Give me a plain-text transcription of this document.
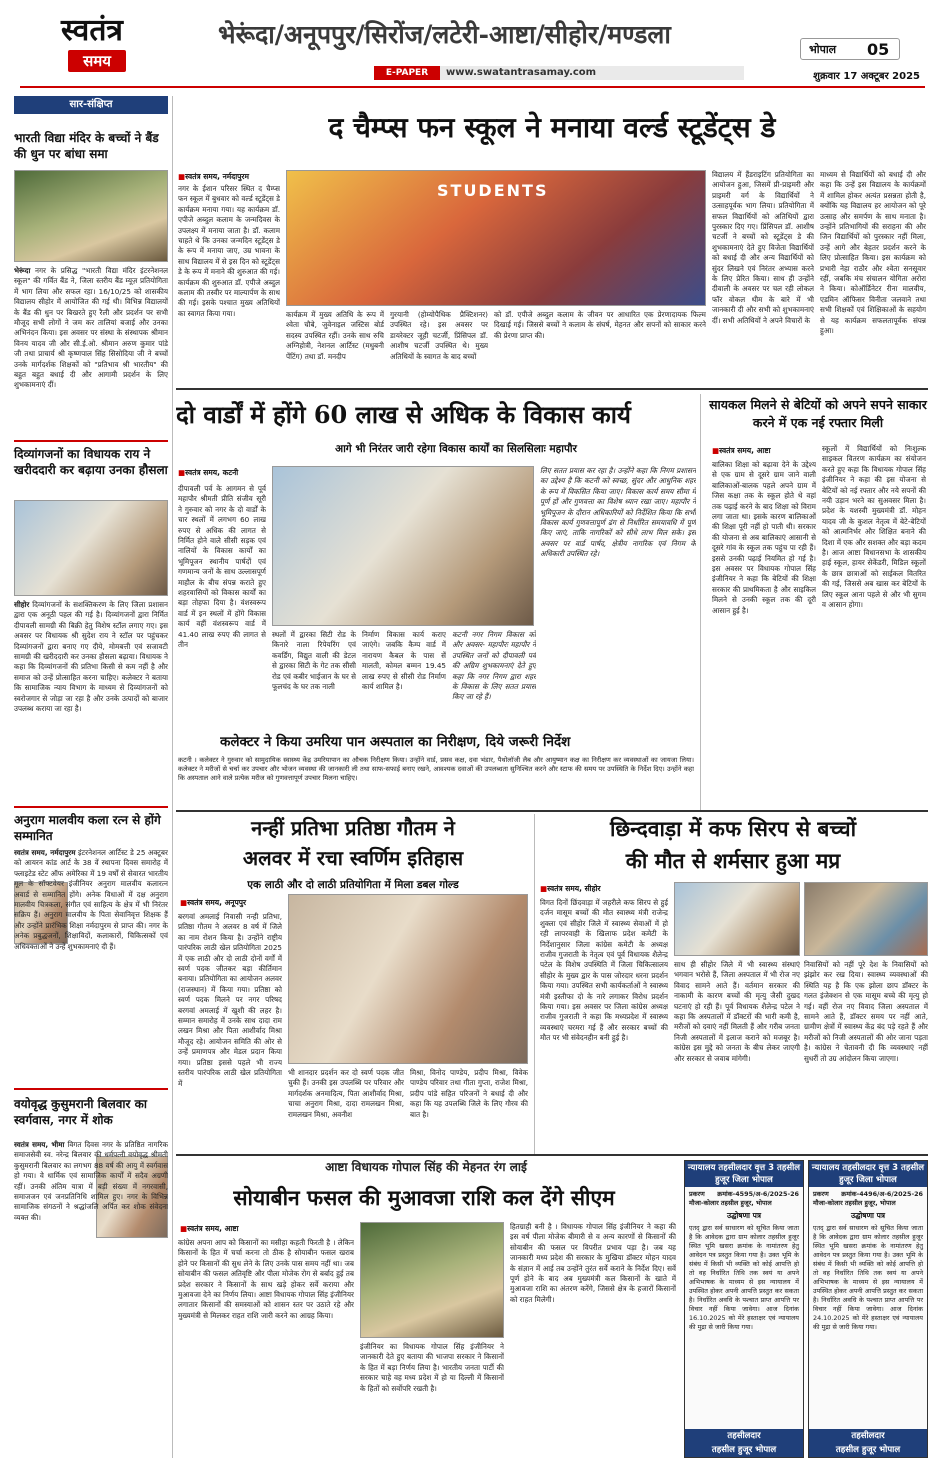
स्वतंत्र
समय
भेरूंदा/अनूपपुर/सिरोंज/लटेरी-आष्टा/सीहोर/मण्डला
E-PAPER	www.swatantrasamay.com
भोपाल 05
शुक्रवार 17 अक्टूबर 2025
सार-संक्षिप्त
भारती विद्या मंदिर के बच्चों ने बैंड की धुन पर बांधा समा
भेरूंदा नगर के प्रसिद्ध "भारती विद्या मंदिर इंटरनेशनल स्कूल" की गर्वित बैंड ने, जिला स्तरीय बैंड म्यूज़ प्रतियोगिता में भाग लिया और सफल रहा। 16/10/25 को शासकीय विद्यालय सीहोर में आयोजित की गई थी। विभिन्न विद्यालयों के बैंड की धुन पर बिखरते हुए रैली और प्रदर्शन पर सभी मौजूद सभी लोगों ने जम कर तालियां बजाई और उनका अभिनंदन किया। इस अवसर पर संस्था के संस्थापक श्रीमान विनय यादव जी और सी.ई.ओ. श्रीमान अरुण कुमार पांडे जी तथा प्राचार्य श्री कृष्णपाल सिंह सिसोदिया जी ने बच्चों उनके मार्गदर्शक शिक्षकों को "प्रतिभाव श्री भारतीय" की बहुत बहुत बधाई दी और आगामी प्रदर्शन के लिए शुभकामनाएं दीं।
दिव्यांगजनों का विधायक राय ने खरीददारी कर बढ़ाया उनका हौसला
सीहोर दिव्यांगजनों के सशक्तिकरण के लिए जिला प्रशासन द्वारा एक अनूठी पहल की गई है। दिव्यांगजनों द्वारा निर्मित दीपावली सामग्री की बिक्री हेतु विशेष स्टॉल लगाए गए। इस अवसर पर विधायक श्री सुदेश राय ने स्टॉल पर पहुंचकर दिव्यांगजनों द्वारा बनाए गए दीये, मोमबत्ती एवं सजावटी सामग्री की खरीददारी कर उनका हौसला बढ़ाया। विधायक ने कहा कि दिव्यांगजनों की प्रतिभा किसी से कम नहीं है और समाज को उन्हें प्रोत्साहित करना चाहिए। कलेक्टर ने बताया कि सामाजिक न्याय विभाग के माध्यम से दिव्यांगजनों को स्वरोजगार से जोड़ा जा रहा है और उनके उत्पादों को बाजार उपलब्ध कराया जा रहा है।
अनुराग मालवीय कला रत्न से होंगे सम्मानित
स्वतंत्र समय, नर्मदापुरम इंटरनेशनल आर्टिस्ट डे 25 अक्टूबर को आयरन कांड आर्ट के 38 वें स्थापना दिवस समारोह में फ्लाइटेड स्टेट ऑफ अमेरिका में 19 वर्षों से सेवारत भारतीय मूल के सॉफ्टवेयर इंजीनियर अनुराग मालवीय कलारत्न अवार्ड से सम्मानित होंगे। अनेक विधाओं में दक्ष अनुराग मालवीय चित्रकला, संगीत एवं साहित्य के क्षेत्र में भी निरंतर सक्रिय हैं। अनुराग मालवीय के पिता सेवानिवृत्त शिक्षक हैं और उन्होंने प्रारंभिक शिक्षा नर्मदापुरम से प्राप्त की। नगर के अनेक प्रबुद्धजनों, शिक्षाविदों, कलाकारों, चिकित्सकों एवं अधिवक्ताओं ने उन्हें शुभकामनाएं दी हैं।
वयोवृद्ध कुसुमरानी बिलवार का स्वर्गवास, नगर में शोक
स्वतंत्र समय, भीमा विगत दिवस नगर के प्रतिष्ठित नागरिक समाजसेवी स्व. नरेन्द्र बिलवार की धर्मपत्नी वयोवृद्ध श्रीमती कुसुमरानी बिलवार का लगभग 88 वर्ष की आयु में स्वर्गवास हो गया। वे धार्मिक एवं सामाजिक कार्यों में सदैव अग्रणी रहीं। उनकी अंतिम यात्रा में बड़ी संख्या में नगरवासी, समाजजन एवं जनप्रतिनिधि शामिल हुए। नगर के विभिन्न सामाजिक संगठनों ने श्रद्धांजलि अर्पित कर शोक संवेदना व्यक्त की।
द चैम्प्स फन स्कूल ने मनाया वर्ल्ड स्टूडेंट्स डे
■ स्वतंत्र समय, नर्मदापुरम
नगर के ईशान परिसर स्थित द चैम्प्स फन स्कूल में बुधवार को वर्ल्ड स्टूडेंट्स डे कार्यक्रम मनाया गया। यह कार्यक्रम डॉ. एपीजे अब्दुल कलाम के जन्मदिवस के उपलक्ष्य में मनाया जाता है। डॉ. कलाम चाहते थे कि उनका जन्मदिन स्टूडेंट्स डे के रूप में मनाया जाए, उम्र भावना के साथ विद्यालय में से इस दिन को स्टूडेंट्स डे के रूप में मनाने की शुरुआत की गई। कार्यक्रम की शुरुआत डॉ. एपीजे अब्दुल कलाम की तस्वीर पर माल्यार्पण के साथ की गई। इसके पश्चात मुख्य अतिथियों का स्वागत किया गया।
STUDENTS
कार्यक्रम में मुख्य अतिथि के रूप में श्वेता चौबे, जुवेनाइल जस्टिस बोर्ड सदस्य उपस्थित रहीं। उनके साथ रुचि अग्निहोत्री, नेशनल आर्टिस्ट (मधुबनी पेंटिंग) तथा डॉ. मनदीप
गुरयानी (होम्योपैथिक प्रैक्टिशनर) उपस्थित रहे। इस अवसर पर डायरेक्टर जूही चटर्जी, प्रिंसिपल डॉ. आशीष चटर्जी उपस्थित थे। मुख्य अतिथियों के स्वागत के बाद बच्चों
को डॉ. एपीजे अब्दुल कलाम के जीवन पर आधारित एक प्रेरणादायक फिल्म दिखाई गई। जिससे बच्चों ने कलाम के संघर्ष, मेहनत और सपनों को साकार करने की प्रेरणा प्राप्त की।
विद्यालय में हैंडराइटिंग प्रतियोगिता का आयोजन हुआ, जिसमें प्री-प्राइमरी और प्राइमरी वर्ग के विद्यार्थियों ने उत्साहपूर्वक भाग लिया। प्रतियोगिता में सफल विद्यार्थियों को अतिथियों द्वारा पुरस्कार दिए गए। प्रिंसिपल डॉ. आशीष चटर्जी ने बच्चों को स्टूडेंट्स डे की शुभकामनाएं देते हुए विजेता विद्यार्थियों को बधाई दी और अन्य विद्यार्थियों को सुंदर लिखने एवं निरंतर अभ्यास करने के लिए प्रेरित किया। साथ ही उन्होंने दीवाली के अवसर पर चल रही लोकल फॉर वोकल थीम के बारे में भी जानकारी दी और सभी को शुभकामनाएं दीं। सभी अतिथियों ने अपने विचारों के
माध्यम से विद्यार्थियों को बधाई दी और कहा कि उन्हें इस विद्यालय के कार्यक्रमों में शामिल होकर अत्यंत प्रसन्नता होती है, क्योंकि यह विद्यालय हर आयोजन को पूरे उत्साह और समर्पण के साथ मनाता है। उन्होंने प्रतिभागियों की सराहना की और जिन विद्यार्थियों को पुरस्कार नहीं मिला, उन्हें आगे और बेहतर प्रदर्शन करने के लिए प्रोत्साहित किया। इस कार्यक्रम को प्रभारी नेहा राठौर और श्वेता सनसूवार रहीं, जबकि मंच संचालन योगिता अरोरा ने किया। कोऑर्डिनेटर रीना मालवीय, एडमिन ऑफिसर विनीता जलवाने तथा सभी शिक्षकों एवं शिक्षिकाओं के सहयोग से यह कार्यक्रम सफलतापूर्वक संपन्न हुआ।
दो वार्डों में होंगे 60 लाख से अधिक के विकास कार्य
आगे भी निरंतर जारी रहेगा विकास कार्यों का सिलसिलाः महापौर
■ स्वतंत्र समय, कटनी
दीपावली पर्व के आगमन से पूर्व महापौर श्रीमती प्रीति संजीव सूरी ने गुरुवार को नगर के दो वार्डों के चार स्थलों में लगभग 60 लाख रुपए से अधिक की लागत से निर्मित होने वाले सीसी सड़क एवं नालियों के विकास कार्यों का भूमिपूजन स्थानीय पार्षदों एवं गणमान्य जनों के साथ उल्लासपूर्ण माहौल के बीच संपन्न कराते हुए शहरवासियों को विकास कार्यों का बड़ा तोहफा दिया है। वंशस्वरूप वार्ड में इन स्थलों में होंगे विकास कार्य वहीं वंशस्वरूप वार्ड में 41.40 लाख रुपए की लागत से तीन
स्थलों में द्वारका सिटी रोड के किनारे नाला रिपेयरिंग एवं कवर्डिंग, विद्युत वाली की डेटल से द्वारका सिटी के गेट तक सीसी रोड एवं कबीर भाईजान के घर से फूलचंद के घर तक नाली
निर्माण विकास कार्य कराए जाएंगे। जबकि कैम्प वार्ड में नारायण कैबल के पास सें मालती, कोमल बम्मन 19.45 लाख रुपए से सीसी रोड निर्माण कार्य शामिल है।
कटनी नगर निगम विकास को और अवसर- महापौरः महापौर ने उपस्थित जनों को दीपावली पर्व की अग्रिम शुभकामनाएं देते हुए कहा कि नगर निगम द्वारा शहर के विकास के लिए सतत प्रयास किए जा रहे हैं।
लिए सतत प्रयास कर रहा है। उन्होंने कहा कि निगम प्रशासन का उद्देश्य है कि कटनी को स्वच्छ, सुंदर और आधुनिक शहर के रूप में विकसित किया जाए। विकास कार्य समय सीमा में पूर्ण हों और गुणवत्ता का विशेष ध्यान रखा जाए। महापौर ने भूमिपूजन के दौरान अधिकारियों को निर्देशित किया कि सभी विकास कार्य गुणवत्तापूर्ण ढंग से निर्धारित समयावधि में पूर्ण किए जाएं, ताकि नागरिकों को सीधे लाभ मिल सके। इस अवसर पर वार्ड पार्षद, क्षेत्रीय नागरिक एवं निगम के अधिकारी उपस्थित रहे।
कलेक्टर ने किया उमरिया पान अस्पताल का निरीक्षण, दिये जरूरी निर्देश
कटनी । कलेक्टर ने गुरुवार को सामुदायिक स्वास्थ्य केंद्र उमरियापान का औचक निरीक्षण किया। उन्होंने वार्ड, प्रसव कक्ष, दवा भंडार, पैथोलॉजी लैब और आयुष्मान कक्ष का निरीक्षण कर व्यवस्थाओं का जायजा लिया। कलेक्टर ने मरीजों से चर्चा कर उपचार और भोजन व्यवस्था की जानकारी ली तथा साफ-सफाई बनाए रखने, आवश्यक दवाओं की उपलब्धता सुनिश्चित करने और स्टाफ की समय पर उपस्थिति के निर्देश दिए। उन्होंने कहा कि अस्पताल आने वाले प्रत्येक मरीज को गुणवत्तापूर्ण उपचार मिलना चाहिए।
सायकल मिलने से बेटियों को अपने सपने साकार करने में एक नई रफ्तार मिली
■ स्वतंत्र समय, आष्टा
बालिका शिक्षा को बढ़ावा देने के उद्देश्य से एक ग्राम से दूसरे ग्राम जाने वाली बालिकाओं-बालक पहले अपने ग्राम में जिस कक्षा तक के स्कूल होते थे वहां तक पढ़ाई करने के बाद शिक्षा को विराम लगा जाता था। इसके कारण बालिकाओं की शिक्षा पूरी नहीं हो पाती थी। सरकार की योजना से अब बालिकाएं आसानी से दूसरे गांव के स्कूल तक पहुंच पा रही हैं। इससे उनकी पढ़ाई नियमित हो गई है। इस अवसर पर विधायक गोपाल सिंह इंजीनियर ने कहा कि बेटियों की शिक्षा सरकार की प्राथमिकता है और साइकिल मिलने से उनकी स्कूल तक की दूरी आसान हुई है।
स्कूलों में विद्यार्थियों को निःशुल्क साइकल वितरण कार्यक्रम का संयोजन करते हुए कहा कि विधायक गोपाल सिंह इंजीनियर ने कहा की इस योजना से बेटियों को नई रफ्तार और नये सपनों की नयी उड़ान भरने का सुअवसर मिला है। प्रदेश के यशस्वी मुख्यमंत्री डॉ. मोहन यादव जी के कुशल नेतृत्व में बेटे-बेटियों को आत्मनिर्भर और शिक्षित बनाने की दिशा में एक और सशक्त और बड़ा कदम है। आज आष्टा विधानसभा के शासकीय हाई स्कूल, हायर सेकेंडरी, मिडिल स्कूलों के छात्र छात्राओं को साईकल वितरित की गई, जिससे अब खास कर बेटियों के लिए स्कूल आना पहले से और भी सुगम व आसान होगा।
नन्हीं प्रतिभा प्रतिष्ठा गौतम ने
अलवर में रचा स्वर्णिम इतिहास
एक लाठी और दो लाठी प्रतियोगिता में मिला डबल गोल्ड
■ स्वतंत्र समय, अनूपपुर
बरगवां अमलाई निवासी नन्ही प्रतिभा, प्रतिष्ठा गौतम ने अलवर 8 वर्ष में जिले का नाम रोशन किया है। उन्होंने राष्ट्रीय पारंपरिक लाठी खेल प्रतियोगिता 2025 में एक लाठी और दो लाठी दोनों वर्गों में स्वर्ण पदक जीतकर बड़ा कीर्तिमान बनाया। प्रतियोगिता का आयोजन अलवर (राजस्थान) में किया गया। प्रतिष्ठा को स्वर्ण पदक मिलने पर नगर परिषद बरगवां अमलाई में खुशी की लहर है। सम्मान समारोह में उनके साथ दादा राम लखन मिश्रा और पिता आशीर्वाद मिश्रा मौजूद रहे। आयोजन समिति की ओर से उन्हें प्रमाणपत्र और मेडल प्रदान किया गया। प्रतिष्ठा इससे पहले भी राज्य स्तरीय पारंपरिक लाठी खेल प्रतियोगिता में
भी शानदार प्रदर्शन कर दो स्वर्ण पदक जीत चुकी हैं। उनकी इस उपलब्धि पर परिवार और मार्गदर्शक अनमादित्य, पिता आशीर्वाद मिश्रा, चाचा अनुराग मिश्रा, दादा रामलखन मिश्रा, रामलखन मिश्रा, अवनीश
मिश्रा, विनोद पाण्डेय, प्रदीप मिश्रा, विवेक पाण्डेय परिवार तथा गीता गुप्ता, राजेश मिश्रा, प्रदीप पांडे सहित परिजनों ने बधाई दी और कहा कि यह उपलब्धि जिले के लिए गौरव की बात है।
छिन्दवाड़ा में कफ सिरप से बच्चों
की मौत से शर्मसार हुआ मप्र
■ स्वतंत्र समय, सीहोर
विगत दिनों छिंदवाड़ा में जहरीले कफ सिरप से हुई दर्जन मासूम बच्चों की मौत स्वास्थ्य मंत्री राजेन्द्र शुक्ला एवं सीहोर जिले में स्वास्थ्य सेवाओं में हो रही लापरवाही के खिलाफ प्रदेश कमेटी के निर्देशानुसार जिला कांग्रेस कमेटी के अध्यक्ष राजीव गुजराती के नेतृत्व एवं पूर्व विधायक शैलेन्द्र पटेल के विशेष उपस्थिति में जिला चिकित्सालय सीहोर के मुख्य द्वार के पास जोरदार धरना प्रदर्शन किया गया। उपस्थित सभी कार्यकर्ताओं ने स्वास्थ्य मंत्री इस्तीफा दो के नारे लगाकर विरोध प्रदर्शन किया गया। इस अवसर पर जिला कांग्रेस अध्यक्ष राजीव गुजराती ने कहा कि मध्यप्रदेश में स्वास्थ्य व्यवस्थाएं चरमरा गई हैं और सरकार बच्चों की मौत पर भी संवेदनहीन बनी हुई है।
साथ ही सीहोर जिले में भी स्वास्थ्य संस्थाएं भगवान भरोसे हैं, जिला अस्पताल में भी रोज नए विवाद सामने आते हैं। वर्तमान सरकार की नाकामी के कारण बच्चों की मृत्यु जैसी दुखद घटनाएं हो रही हैं। पूर्व विधायक शैलेन्द्र पटेल ने कहा कि अस्पतालों में डॉक्टरों की भारी कमी है, मरीजों को दवाएं नहीं मिलती हैं और गरीब जनता निजी अस्पतालों में इलाज कराने को मजबूर है। कांग्रेस इस मुद्दे को जनता के बीच लेकर जाएगी और सरकार से जवाब मांगेगी।
निवासियों को नहीं पूरे देश के निवासियों को झंझोर कर रख दिया। स्वास्थ्य व्यवस्थाओं की स्थिति यह है कि एक झोला छाप डॉक्टर के गलत इंजेक्शन से एक मासूम बच्चे की मृत्यु हो गई। वहीं रोज नए विवाद जिला अस्पताल में सामने आते हैं, डॉक्टर समय पर नहीं आते, ग्रामीण क्षेत्रों में स्वास्थ्य केंद्र बंद पड़े रहते हैं और मरीजों को निजी अस्पतालों की ओर जाना पड़ता है। कांग्रेस ने चेतावनी दी कि व्यवस्थाएं नहीं सुधरीं तो उग्र आंदोलन किया जाएगा।
आष्टा विधायक गोपाल सिंह की मेहनत रंग लाई
सोयाबीन फसल की मुआवजा राशि कल देंगे सीएम
■ स्वतंत्र समय, आष्टा
कांग्रेस अपना आप को किसानों का मसीहा कहती फिरती है । लेकिन किसानों के हित में चर्चा करना तो ठीक है सोयाबीन फसल खराब होने पर किसानों की सुध लेने के लिए उनके पास समय नहीं था। जब सोयाबीन की फसल अतिवृष्टि और पीला मोजेक रोग से बर्बाद हुई तब प्रदेश सरकार ने किसानों के साथ खड़े होकर सर्वे कराया और मुआवजा देने का निर्णय लिया। आष्टा विधायक गोपाल सिंह इंजीनियर लगातार किसानों की समस्याओं को शासन स्तर पर उठाते रहे और मुख्यमंत्री से मिलकर राहत राशि जारी करने का आग्रह किया।
इंजीनियर का विधायक गोपाल सिंह इंजीनियर ने जानकारी देते हुए बताया की भाजपा सरकार ने किसानों के हित में बड़ा निर्णय लिया है। भारतीय जनता पार्टी की सरकार चाहे वह मध्य प्रदेश में हो या दिल्ली में किसानों के हितों को सर्वोपरि रखती है।
हितग्राही बनी है । विधायक गोपाल सिंह इंजीनियर ने कहा की इस वर्ष पीला मोजेक बीमारी से व अन्य कारणों से किसानों की सोयाबीन की फसल पर विपरीत प्रभाव पड़ा है। जब यह जानकारी मध्य प्रदेश की सरकार के मुखिया डॉक्टर मोहन यादव के संज्ञान में आई तब उन्होंने तुरंत सर्वे कराने के निर्देश दिए। सर्वे पूर्ण होने के बाद अब मुख्यमंत्री कल किसानों के खाते में मुआवजा राशि का अंतरण करेंगे, जिससे क्षेत्र के हजारों किसानों को राहत मिलेगी।
न्यायालय तहसीलदार वृत्त 3 तहसील हुजूर जिला भोपाल
प्रकरण क्रमांक-4595/अ-6/2025-26 मौजा-कोलार तहसील हुजूर, भोपाल
उद्घोषणा पत्र
एतद् द्वारा सर्व साधारण को सूचित किया जाता है कि आवेदक द्वारा ग्राम कोलार तहसील हुजूर स्थित भूमि खसरा क्रमांक के नामांतरण हेतु आवेदन पत्र प्रस्तुत किया गया है। उक्त भूमि के संबंध में किसी भी व्यक्ति को कोई आपत्ति हो तो वह निर्धारित तिथि तक स्वयं या अपने अभिभाषक के माध्यम से इस न्यायालय में उपस्थित होकर अपनी आपत्ति प्रस्तुत कर सकता है। निर्धारित अवधि के पश्चात प्राप्त आपत्ति पर विचार नहीं किया जावेगा। आज दिनांक 16.10.2025 को मेरे हस्ताक्षर एवं न्यायालय की मुद्रा से जारी किया गया।
तहसीलदार
तहसील हुजूर भोपाल
न्यायालय तहसीलदार वृत्त 3 तहसील हुजूर जिला भोपाल
प्रकरण क्रमांक-4496/अ-6/2025-26 मौजा-कोलार तहसील हुजूर, भोपाल
उद्घोषणा पत्र
एतद् द्वारा सर्व साधारण को सूचित किया जाता है कि आवेदक द्वारा ग्राम कोलार तहसील हुजूर स्थित भूमि खसरा क्रमांक के नामांतरण हेतु आवेदन पत्र प्रस्तुत किया गया है। उक्त भूमि के संबंध में किसी भी व्यक्ति को कोई आपत्ति हो तो वह निर्धारित तिथि तक स्वयं या अपने अभिभाषक के माध्यम से इस न्यायालय में उपस्थित होकर अपनी आपत्ति प्रस्तुत कर सकता है। निर्धारित अवधि के पश्चात प्राप्त आपत्ति पर विचार नहीं किया जावेगा। आज दिनांक 24.10.2025 को मेरे हस्ताक्षर एवं न्यायालय की मुद्रा से जारी किया गया।
तहसीलदार
तहसील हुजूर भोपाल
